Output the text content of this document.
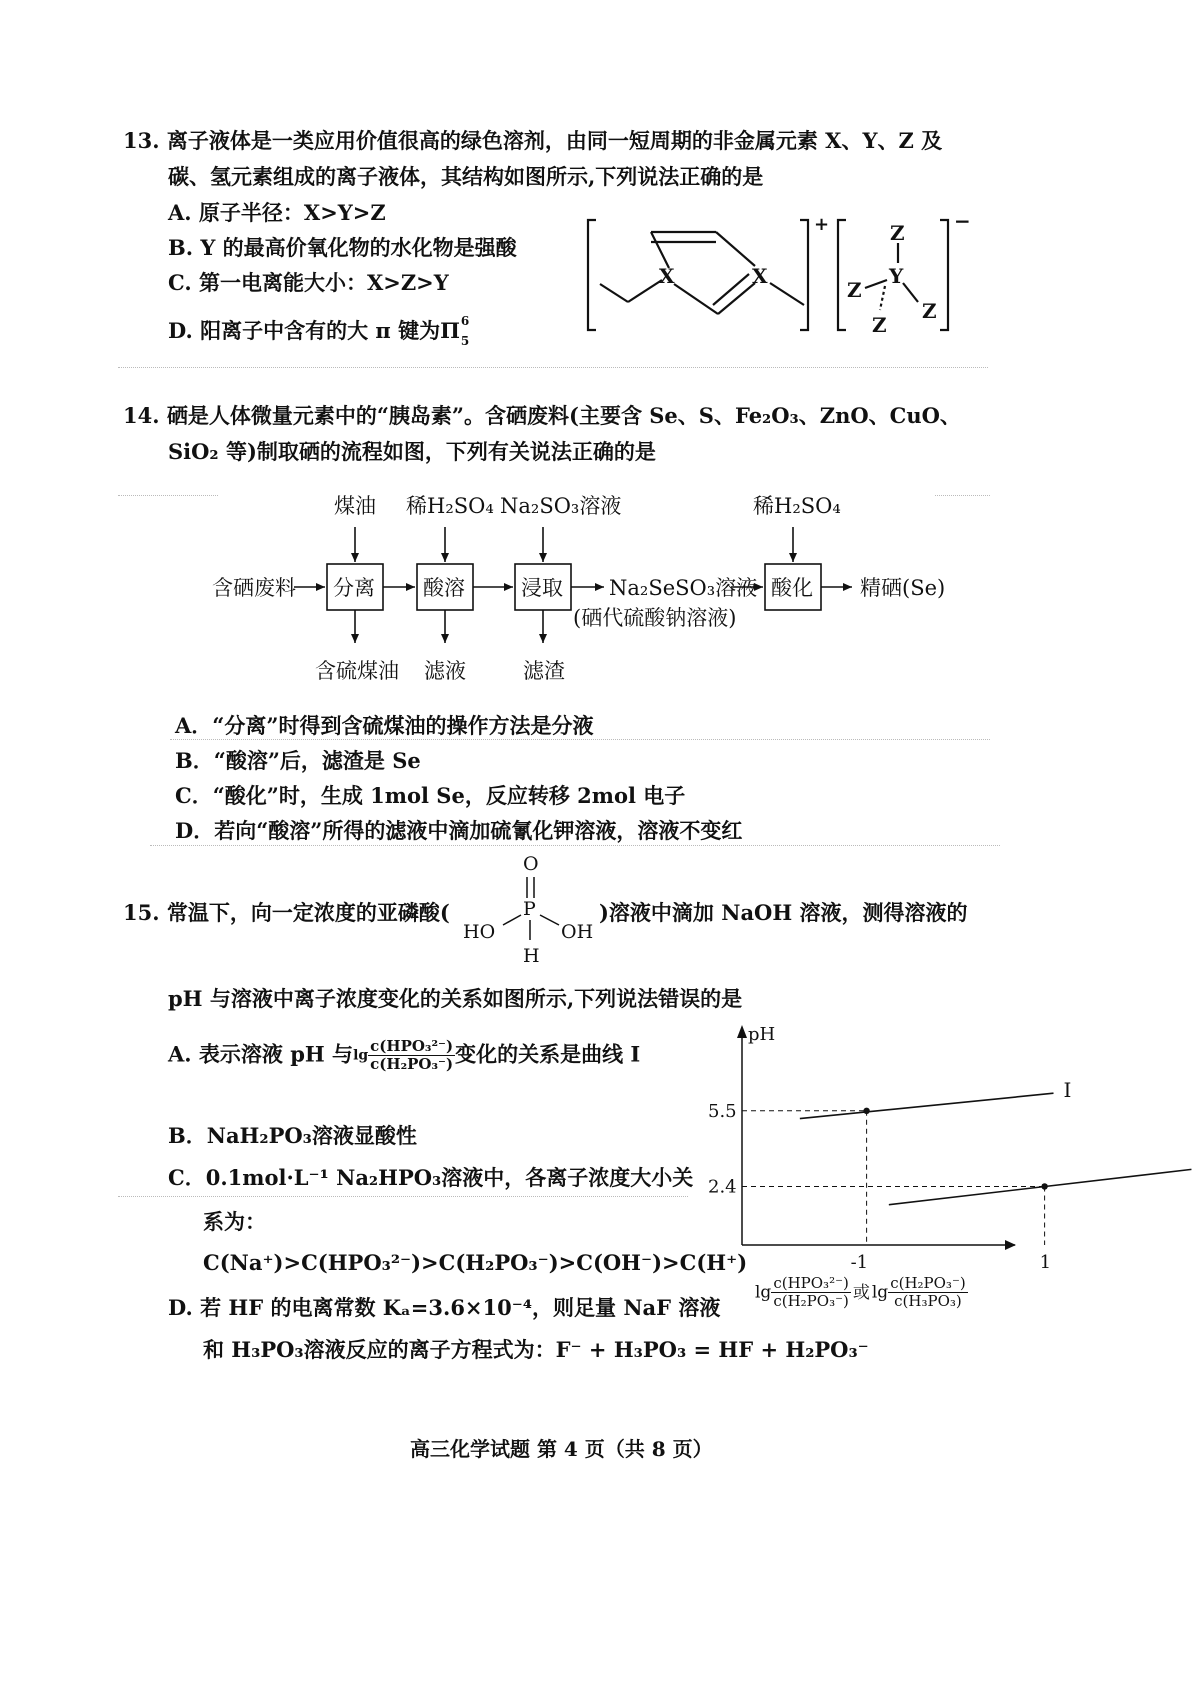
13. 离子液体是一类应用价值很高的绿色溶剂，由同一短周期的非金属元素 X、Y、Z 及
碳、氢元素组成的离子液体，其结构如图所示,下列说法正确的是
A. 原子半径：X>Y>Z
B. Y 的最高价氧化物的水化物是强酸
C. 第一电离能大小：X>Z>Y
D. 阳离子中含有的大 π 键为Π 6
5
X	X
+	Z
Y
Z
Z
Z
−
14. 硒是人体微量元素中的“胰岛素”。含硒废料(主要含 Se、S、Fe₂O₃、ZnO、CuO、
SiO₂ 等)制取硒的流程如图，下列有关说法正确的是
分离 酸溶	浸取	酸化
含硒废料
煤油 稀H₂SO₄ Na₂SO₃溶液	稀H₂SO₄
Na₂SeSO₃溶液
(硒代硫酸钠溶液)
含硫煤油 滤液	滤渣
精硒(Se)
A．“分离”时得到含硫煤油的操作方法是分液
B．“酸溶”后，滤渣是 Se
C．“酸化”时，生成 1mol Se，反应转移 2mol 电子
D．若向“酸溶”所得的滤液中滴加硫氰化钾溶液，溶液不变红
15. 常温下，向一定浓度的亚磷酸(
O
P
HO	OH
H
)溶液中滴加 NaOH 溶液，测得溶液的
pH 与溶液中离子浓度变化的关系如图所示,下列说法错误的是
A. 表示溶液 pH 与$\lg \frac{\text{c(HPO₃²⁻)}}{\text{c(H₂PO₃⁻)}}$ 变化的关系是曲线 I
B．NaH₂PO₃溶液显酸性
C．0.1mol·L⁻¹ Na₂HPO₃溶液中，各离子浓度大小关
系为：
C(Na⁺)>C(HPO₃²⁻)>C(H₂PO₃⁻)>C(OH⁻)>C(H⁺)
D. 若 HF 的电离常数 Kₐ=3.6×10⁻⁴，则足量 NaF 溶液
和 H₃PO₃溶液反应的离子方程式为：F⁻ + H₃PO₃ = HF + H₂PO₃⁻
pH
I
-1
5.5
1
2.4
$\lg \frac{\text{c(HPO₃²⁻)}}{\text{c(H₂PO₃⁻)}}$ 或 $\lg \frac{\text{c(H₂PO₃⁻)}}{\text{c(H₃PO₃)}}$
高三化学试题 第 4 页（共 8 页）
